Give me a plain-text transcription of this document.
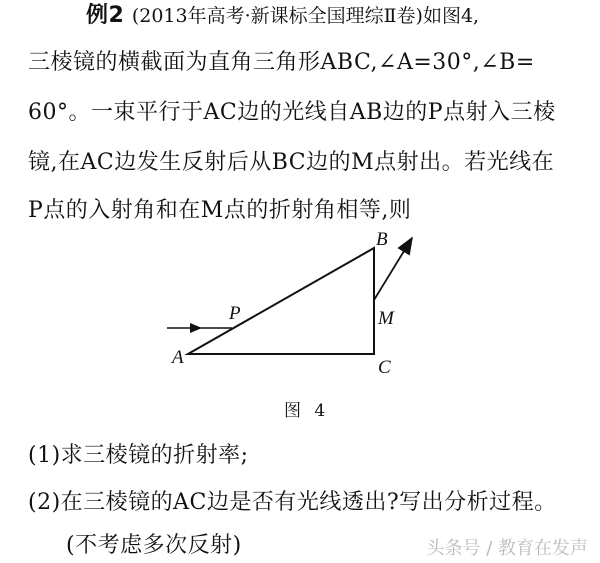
例2 (2013年高考·新课标全国理综Ⅱ卷)如图4,
三棱镜的横截面为直角三角形ABC,∠A=30°,∠B=
60°。一束平行于AC边的光线自AB边的P点射入三棱
镜,在AC边发生反射后从BC边的M点射出。若光线在
P点的入射角和在M点的折射角相等,则
A
P
B
M
C
图 4
(1)求三棱镜的折射率;
(2)在三棱镜的AC边是否有光线透出?写出分析过程。
(不考虑多次反射)	头条号 / 教育在发声
